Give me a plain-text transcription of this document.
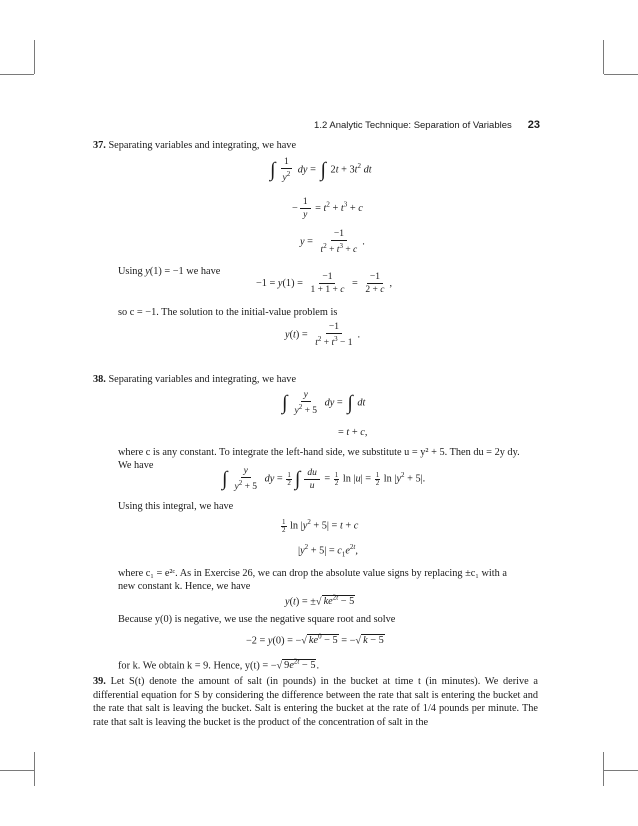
1.2 Analytic Technique: Separation of Variables 23
37. Separating variables and integrating, we have
∫ $\frac{1}{y^2}$ dy = ∫ $2t + 3t^2$ dt
− $\frac{1}{y} = t^2 + t^3 + c$
$y = \frac{-1}{t^2 + t^3 + c}$ .
Using y(1) = −1 we have
$-1 = y(1) = \frac{-1}{1 + 1 + c} = \frac{-1}{2 + c}$ ,
so c = −1. The solution to the initial-value problem is
$y(t) = \frac{-1}{t^2 + t^3 - 1}$ .
38. Separating variables and integrating, we have
∫ $\frac{y}{y^2 + 5}$ dy = ∫ dt
= t + c,
where c is any constant. To integrate the left-hand side, we substitute u = y² + 5. Then du = 2y dy.
We have
∫ $\frac{y}{y^2 + 5}$ dy = $\frac{1}{2}$ ∫ $\frac{du}{u} = \frac{1}{2}$ $\ln |u| = \frac{1}{2}$ $\ln |y^2 + 5|$.
Using this integral, we have
$\frac{1}{2}$ $\ln |y^2 + 5| = t + c$
$|y^2 + 5| = c_1e^{2t}$,
where c₁ = e²ᶜ. As in Exercise 26, we can drop the absolute value signs by replacing ±c₁ with a
new constant k. Hence, we have
y(t) = ±√ $ke^{2t} - 5$
Because y(0) is negative, we use the negative square root and solve
−2 = y(0) = −√ $ke^0 - 5$ = −√ k − 5
for k. We obtain k = 9. Hence, y(t) = −√ $9e^{2t} - 5$.
39. Let S(t) denote the amount of salt (in pounds) in the bucket at time t (in minutes). We derive a differential equation for S by considering the difference between the rate that salt is entering the bucket and the rate that salt is leaving the bucket. Salt is entering the bucket at the rate of 1/4 pounds per minute. The rate that salt is leaving the bucket is the product of the concentration of salt in the
